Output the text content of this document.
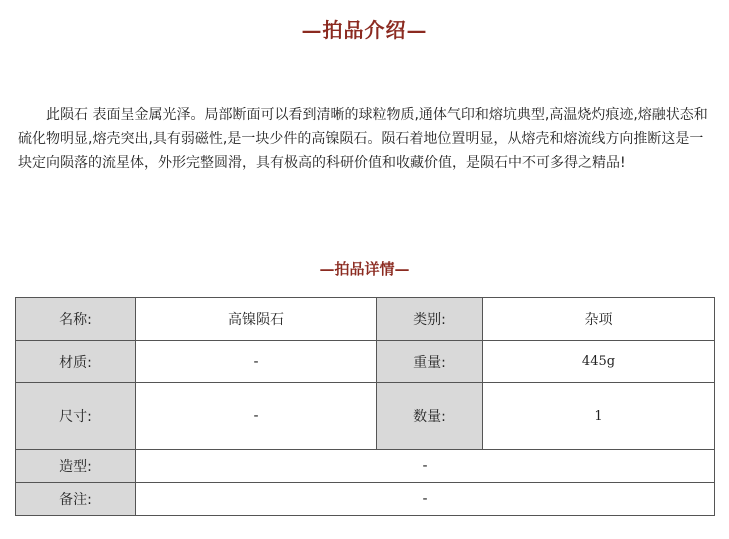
—拍品介绍—
此陨石 表面呈金属光泽。局部断面可以看到清晰的球粒物质,通体气印和熔坑典型,高温烧灼痕迹,熔融状态和硫化物明显,熔壳突出,具有弱磁性,是一块少件的高镍陨石。陨石着地位置明显，从熔壳和熔流线方向推断这是一块定向陨落的流星体，外形完整圆滑，具有极高的科研价值和收藏价值，是陨石中不可多得之精品!
—拍品详情—
名称:	高镍陨石	类别:	杂项
材质:	-	重量:	445g
尺寸:	-	数量:	1
造型:	-		
备注:	-		
